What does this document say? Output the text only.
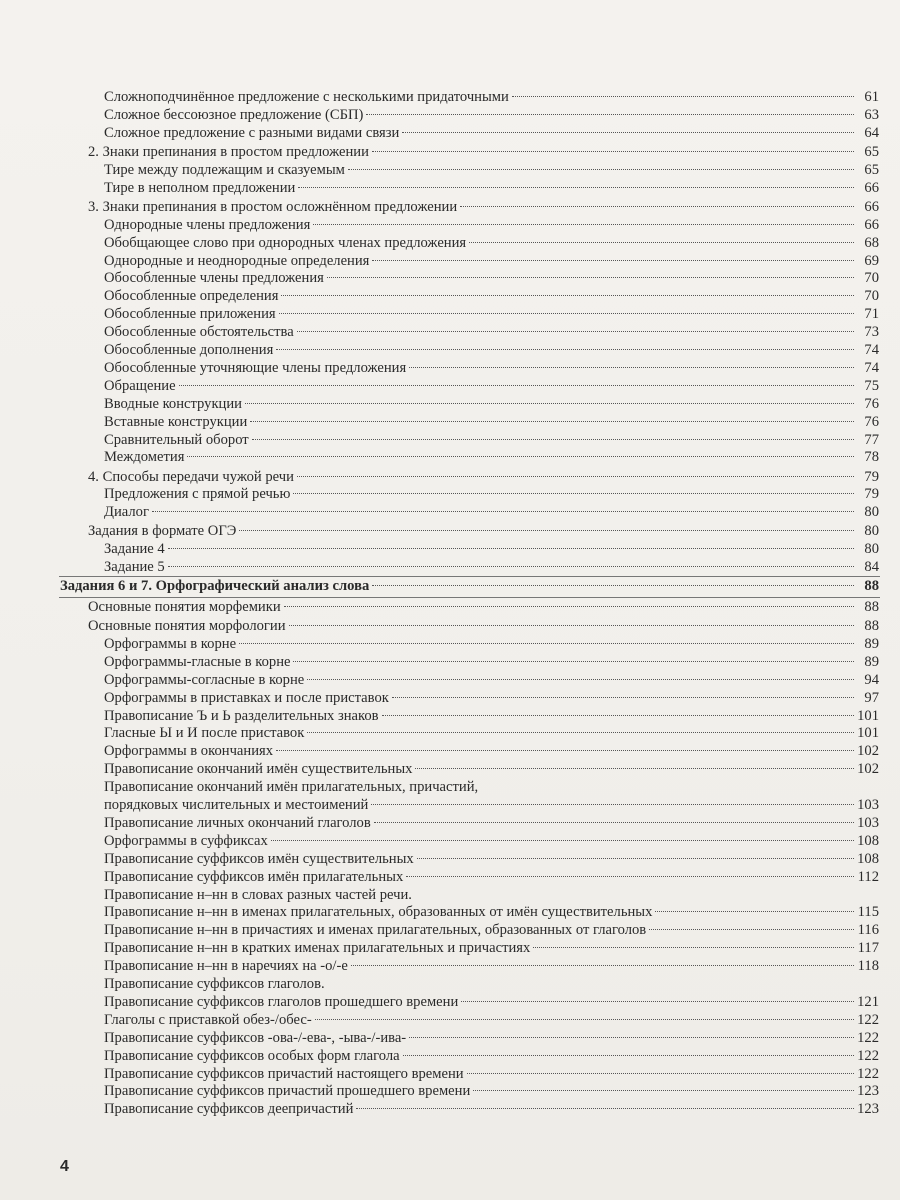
Сложноподчинённое предложение с несколькими придаточными	61
Сложное бессоюзное предложение (СБП)	63
Сложное предложение с разными видами связи	64
2. Знаки препинания в простом предложении	65
Тире между подлежащим и сказуемым	65
Тире в неполном предложении	66
3. Знаки препинания в простом осложнённом предложении	66
Однородные члены предложения	66
Обобщающее слово при однородных членах предложения	68
Однородные и неоднородные определения	69
Обособленные члены предложения	70
Обособленные определения	70
Обособленные приложения	71
Обособленные обстоятельства	73
Обособленные дополнения	74
Обособленные уточняющие члены предложения	74
Обращение	75
Вводные конструкции	76
Вставные конструкции	76
Сравнительный оборот	77
Междометия	78
4. Способы передачи чужой речи	79
Предложения с прямой речью	79
Диалог	80
Задания в формате ОГЭ	80
Задание 4	80
Задание 5	84
Задания 6 и 7. Орфографический анализ слова	88
Основные понятия морфемики	88
Основные понятия морфологии	88
Орфограммы в корне	89
Орфограммы-гласные в корне	89
Орфограммы-согласные в корне	94
Орфограммы в приставках и после приставок	97
Правописание Ъ и Ь разделительных знаков	101
Гласные Ы и И после приставок	101
Орфограммы в окончаниях	102
Правописание окончаний имён существительных	102
Правописание окончаний имён прилагательных, причастий,
порядковых числительных и местоимений	103
Правописание личных окончаний глаголов	103
Орфограммы в суффиксах	108
Правописание суффиксов имён существительных	108
Правописание суффиксов имён прилагательных	112
Правописание н–нн в словах разных частей речи.
Правописание н–нн в именах прилагательных, образованных от имён существительных	115
Правописание н–нн в причастиях и именах прилагательных, образованных от глаголов	116
Правописание н–нн в кратких именах прилагательных и причастиях	117
Правописание н–нн в наречиях на -о/-е	118
Правописание суффиксов глаголов.
Правописание суффиксов глаголов прошедшего времени	121
Глаголы с приставкой обез-/обес-	122
Правописание суффиксов -ова-/-ева-, -ыва-/-ива-	122
Правописание суффиксов особых форм глагола	122
Правописание суффиксов причастий настоящего времени	122
Правописание суффиксов причастий прошедшего времени	123
Правописание суффиксов деепричастий	123
4
